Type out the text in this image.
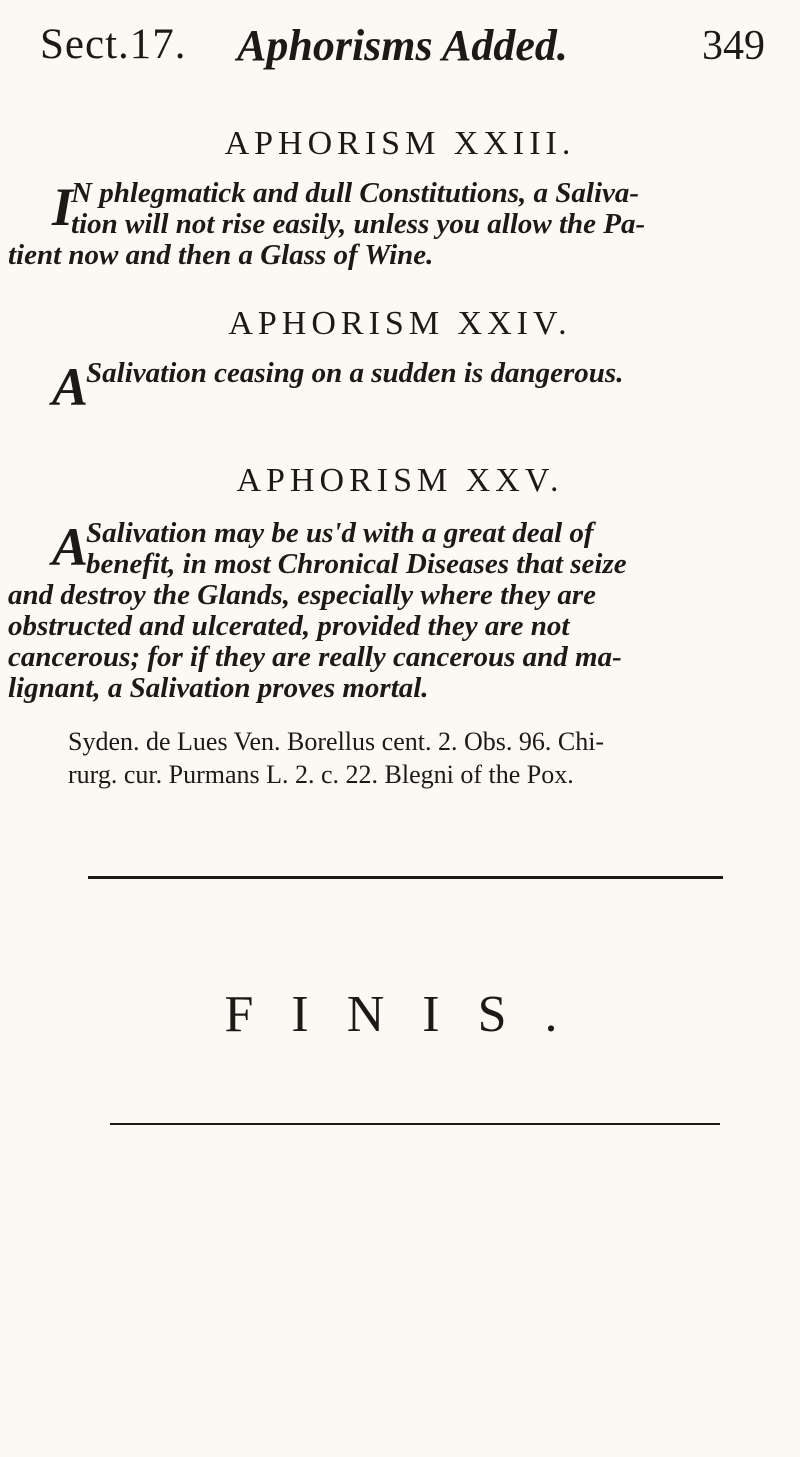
Sect.17. Aphorisms Added.	349
APHORISM XXIII.
I
N phlegmatick and dull Constitutions, a Saliva-
tion will not rise easily, unless you allow the Pa-
tient now and then a Glass of Wine.
APHORISM XXIV.
A
Salivation ceasing on a sudden is dangerous.
APHORISM XXV.
A
Salivation may be us'd with a great deal of
benefit, in most Chronical Diseases that seize
and destroy the Glands, especially where they are
obstructed and ulcerated, provided they are not
cancerous; for if they are really cancerous and ma-
lignant, a Salivation proves mortal.
Syden. de Lues Ven. Borellus cent. 2. Obs. 96. Chi-
rurg. cur. Purmans L. 2. c. 22. Blegni of the Pox.
FINIS.
